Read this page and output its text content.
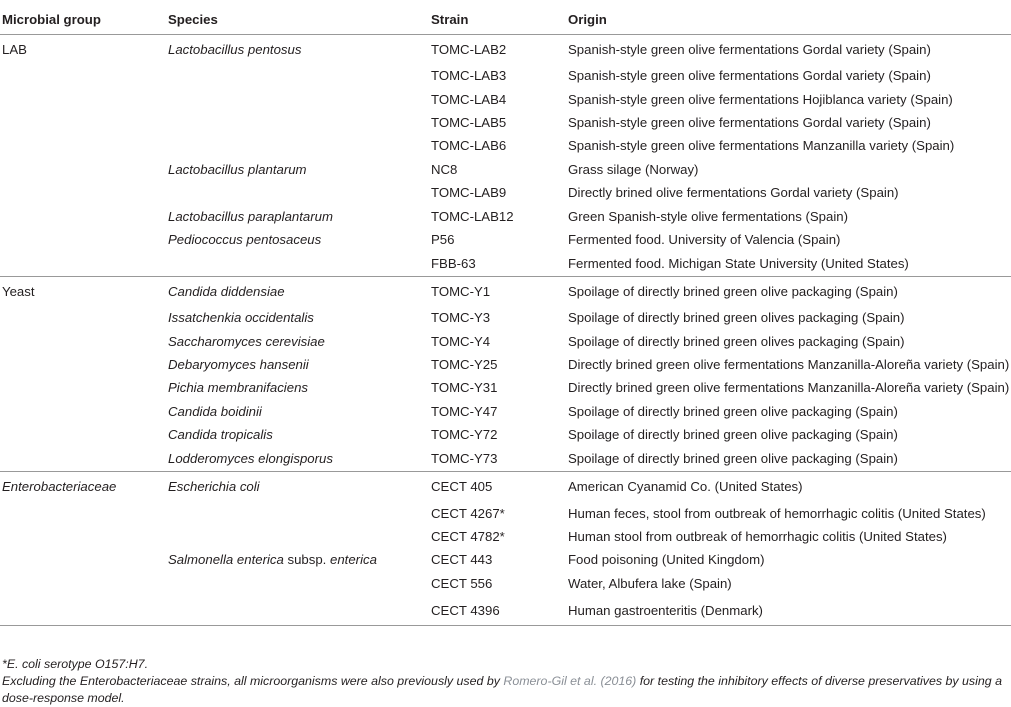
Microbial group	Species	Strain	Origin
LAB	Lactobacillus pentosus	TOMC-LAB2	Spanish-style green olive fermentations Gordal variety (Spain)
		TOMC-LAB3	Spanish-style green olive fermentations Gordal variety (Spain)
		TOMC-LAB4	Spanish-style green olive fermentations Hojiblanca variety (Spain)
		TOMC-LAB5	Spanish-style green olive fermentations Gordal variety (Spain)
		TOMC-LAB6	Spanish-style green olive fermentations Manzanilla variety (Spain)
	Lactobacillus plantarum	NC8	Grass silage (Norway)
		TOMC-LAB9	Directly brined olive fermentations Gordal variety (Spain)
	Lactobacillus paraplantarum	TOMC-LAB12	Green Spanish-style olive fermentations (Spain)
	Pediococcus pentosaceus	P56	Fermented food. University of Valencia (Spain)
		FBB-63	Fermented food. Michigan State University (United States)
Yeast	Candida diddensiae	TOMC-Y1	Spoilage of directly brined green olive packaging (Spain)
	Issatchenkia occidentalis	TOMC-Y3	Spoilage of directly brined green olives packaging (Spain)
	Saccharomyces cerevisiae	TOMC-Y4	Spoilage of directly brined green olives packaging (Spain)
	Debaryomyces hansenii	TOMC-Y25	Directly brined green olive fermentations Manzanilla-Aloreña variety (Spain)
	Pichia membranifaciens	TOMC-Y31	Directly brined green olive fermentations Manzanilla-Aloreña variety (Spain)
	Candida boidinii	TOMC-Y47	Spoilage of directly brined green olive packaging (Spain)
	Candida tropicalis	TOMC-Y72	Spoilage of directly brined green olive packaging (Spain)
	Lodderomyces elongisporus	TOMC-Y73	Spoilage of directly brined green olive packaging (Spain)
Enterobacteriaceae	Escherichia coli	CECT 405	American Cyanamid Co. (United States)
		CECT 4267*	Human feces, stool from outbreak of hemorrhagic colitis (United States)
		CECT 4782*	Human stool from outbreak of hemorrhagic colitis (United States)
	Salmonella enterica subsp. enterica	CECT 443	Food poisoning (United Kingdom)
		CECT 556	Water, Albufera lake (Spain)
		CECT 4396	Human gastroenteritis (Denmark)

*E. coli serotype O157:H7.

Excluding the Enterobacteriaceae strains, all microorganisms were also previously used by Romero-Gil et al. (2016) for testing the inhibitory effects of diverse preservatives by using a dose-response model.
